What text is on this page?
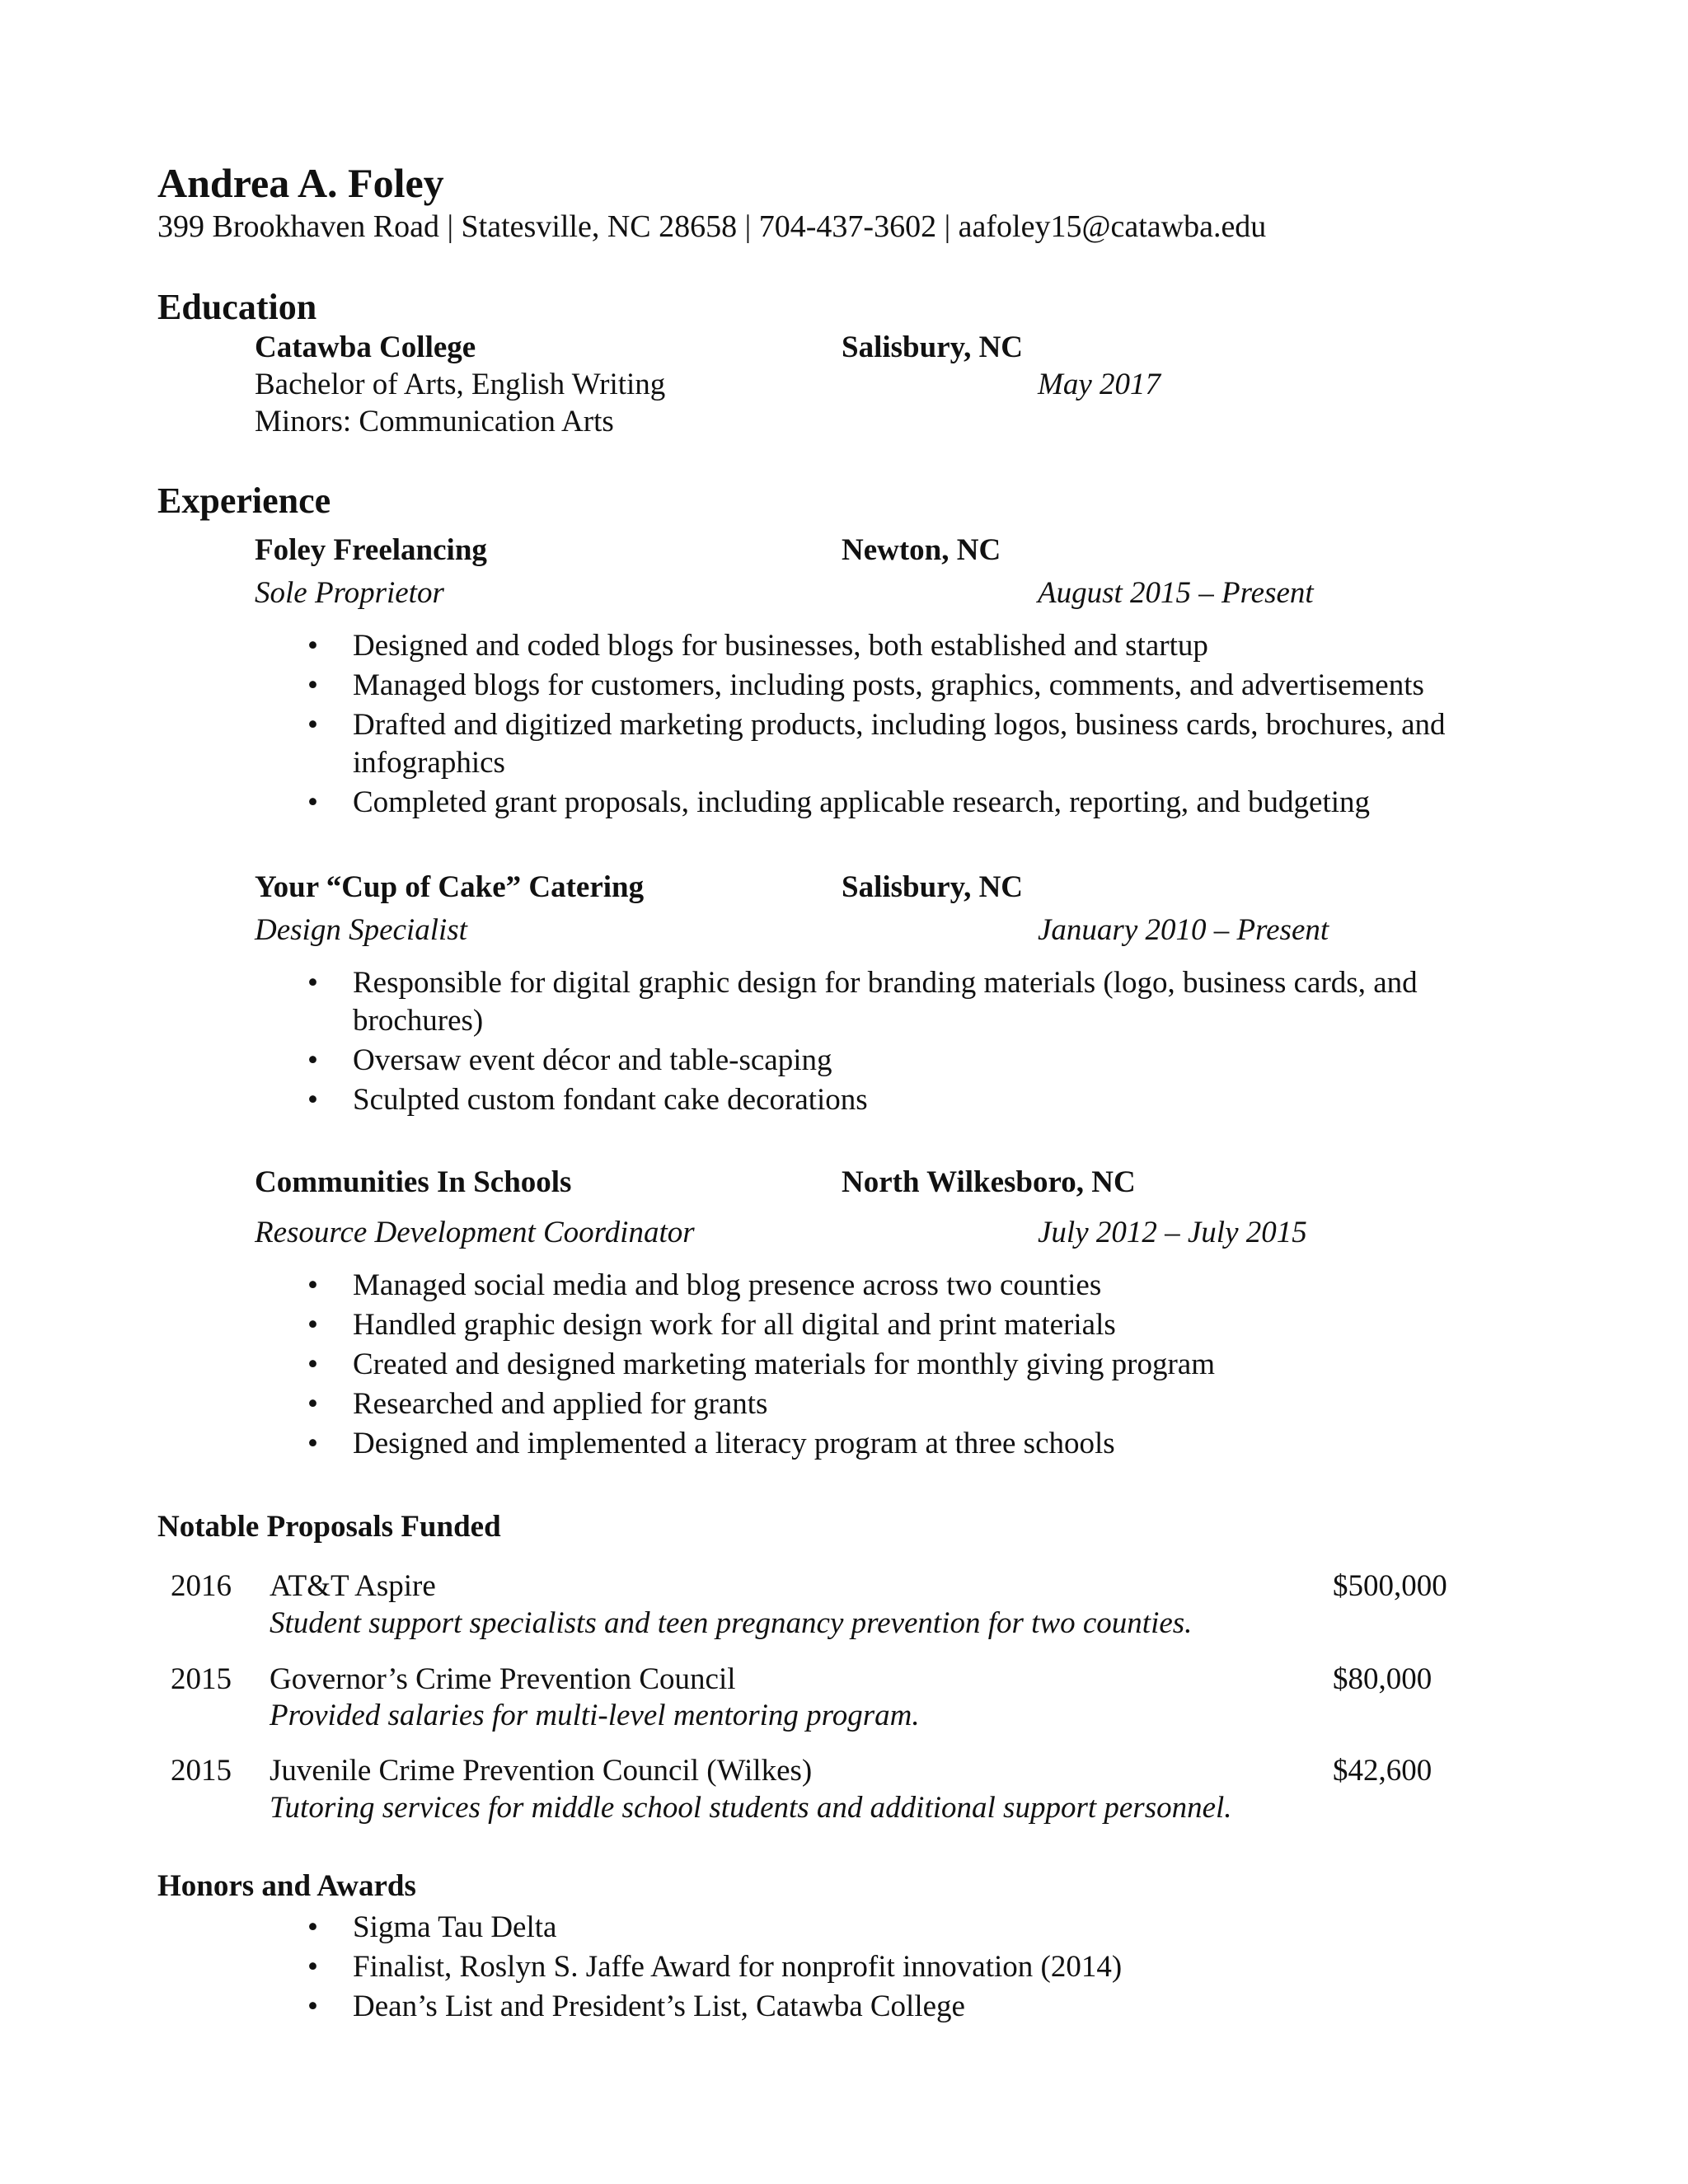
Andrea A. Foley
399 Brookhaven Road | Statesville, NC 28658 | 704-437-3602 | aafoley15@catawba.edu
Education
Catawba College	Salisbury, NC
Bachelor of Arts, English Writing	May 2017
Minors: Communication Arts
Experience
Foley Freelancing	Newton, NC
Sole Proprietor	August 2015 – Present
• Designed and coded blogs for businesses, both established and startup
• Managed blogs for customers, including posts, graphics, comments, and advertisements
• Drafted and digitized marketing products, including logos, business cards, brochures, and
infographics
• Completed grant proposals, including applicable research, reporting, and budgeting
Your “Cup of Cake” Catering	Salisbury, NC
Design Specialist	January 2010 – Present
• Responsible for digital graphic design for branding materials (logo, business cards, and
brochures)
• Oversaw event décor and table-scaping
• Sculpted custom fondant cake decorations
Communities In Schools	North Wilkesboro, NC
Resource Development Coordinator	July 2012 – July 2015
• Managed social media and blog presence across two counties
• Handled graphic design work for all digital and print materials
• Created and designed marketing materials for monthly giving program
• Researched and applied for grants
• Designed and implemented a literacy program at three schools
Notable Proposals Funded
2016 AT&T Aspire	$500,000
Student support specialists and teen pregnancy prevention for two counties.
2015 Governor’s Crime Prevention Council	$80,000
Provided salaries for multi-level mentoring program.
2015 Juvenile Crime Prevention Council (Wilkes)	$42,600
Tutoring services for middle school students and additional support personnel.
Honors and Awards
• Sigma Tau Delta
• Finalist, Roslyn S. Jaffe Award for nonprofit innovation (2014)
• Dean’s List and President’s List, Catawba College
